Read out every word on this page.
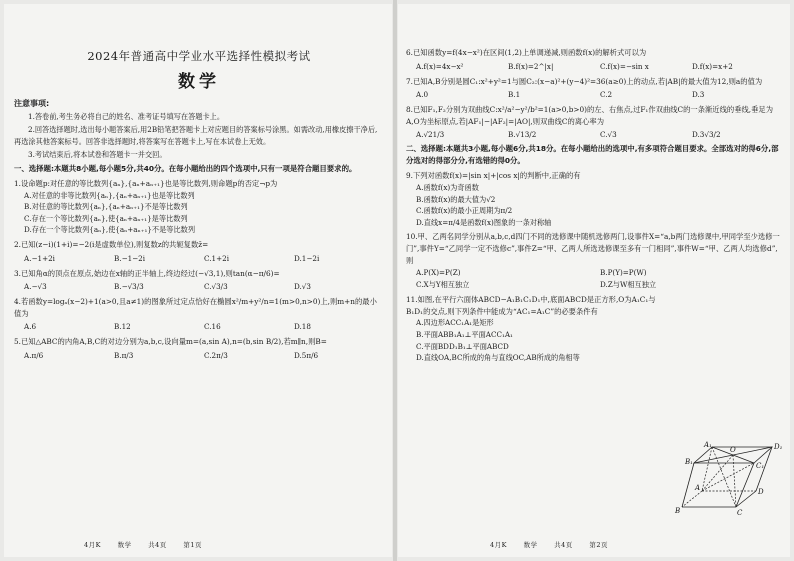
2024年普通高中学业水平选择性模拟考试
数学
注意事项:

1.答卷前,考生务必将自己的姓名、准考证号填写在答题卡上。

2.回答选择题时,选出每小题答案后,用2B铅笔把答题卡上对应题目的答案标号涂黑。如需改动,用橡皮擦干净后,再选涂其他答案标号。回答非选择题时,将答案写在答题卡上,写在本试卷上无效。

3.考试结束后,将本试卷和答题卡一并交回。

一、选择题:本题共8小题,每小题5分,共40分。在每小题给出的四个选项中,只有一项是符合题目要求的。
1.设命题p:对任意的等比数列{aₙ},{aₙ+aₙ₊₁}也是等比数列,则命题p的否定¬p为
A.对任意的非等比数列{aₙ},{aₙ+aₙ₊₁}也是等比数列
B.对任意的等比数列{aₙ},{aₙ+aₙ₊₁}不是等比数列
C.存在一个等比数列{aₙ},使{aₙ+aₙ₊₁}是等比数列
D.存在一个等比数列{aₙ},使{aₙ+aₙ₊₁}不是等比数列
2.已知(z−i)(1+i)=−2(i是虚数单位),则复数z的共轭复数z̄=
A.−1+2i	B.−1−2i	C.1+2i	D.1−2i
3.已知角α的顶点在原点,始边在x轴的正半轴上,终边经过(−√3,1),则tan(α−π/6)=
A.−√3	B.−√3/3	C.√3/3	D.√3
4.若函数y=logₐ(x−2)+1(a>0,且a≠1)的图象所过定点恰好在椭圆x²/m+y²/n=1(m>0,n>0)上,则m+n的最小值为
A.6	B.12	C.16	D.18
5.已知△ABC的内角A,B,C的对边分别为a,b,c,设向量m=(a,sin A),n=(b,sin B/2),若m∥n,则B=
A.π/6	B.π/3	C.2π/3	D.5π/6
4月K	数学	共4页	第1页
6.已知函数y=f(4x−x²)在区间(1,2)上单调递减,则函数f(x)的解析式可以为
A.f(x)=4x−x²	B.f(x)=2^|x|	C.f(x)=−sin x	D.f(x)=x+2
7.已知A,B分别是圆C₁:x²+y²=1与圆C₂:(x−a)²+(y−4)²=36(a≥0)上的动点,若|AB|的最大值为12,则a的值为
A.0	B.1	C.2	D.3
8.已知F₁,F₂分别为双曲线C:x²/a²−y²/b²=1(a>0,b>0)的左、右焦点,过F₁作双曲线C的一条渐近线的垂线,垂足为A,O为坐标原点,若|AF₁|−|AF₂|=|AO|,则双曲线C的离心率为
A.√21/3	B.√13/2	C.√3	D.3√3/2
二、选择题:本题共3小题,每小题6分,共18分。在每小题给出的选项中,有多项符合题目要求。全部选对的得6分,部分选对的得部分分,有选错的得0分。
9.下列对函数f(x)=|sin x|+|cos x|的判断中,正确的有
A.函数f(x)为奇函数
B.函数f(x)的最大值为√2
C.函数f(x)的最小正周期为π/2
D.直线x=π/4是函数f(x)图象的一条对称轴
10.甲、乙两名同学分别从a,b,c,d四门不同的选修课中随机选修两门,设事件X=“a,b两门选修课中,甲同学至少选修一门”,事件Y=“乙同学一定不选修c”,事件Z=“甲、乙两人所选选修课至多有一门相同”,事件W=“甲、乙两人均选修d”,则
A.P(X)=P(Z)	B.P(Y)=P(W)
C.X与Y相互独立	D.Z与W相互独立
11.如图,在平行六面体ABCD−A₁B₁C₁D₁中,底面ABCD是正方形,O为A₁C₁与B₁D₁的交点,则下列条件中能成为“AC₁=A₁C”的必要条件有
A.四边形ACC₁A₁是矩形
B.平面ABB₁A₁⊥平面ACC₁A₁
C.平面BDD₁B₁⊥平面ABCD
D.直线OA,BC所成的角与直线OC,AB所成的角相等
A₁
O	D₁
B₁	C₁
A	D
B	C
4月K	数学	共4页	第2页
